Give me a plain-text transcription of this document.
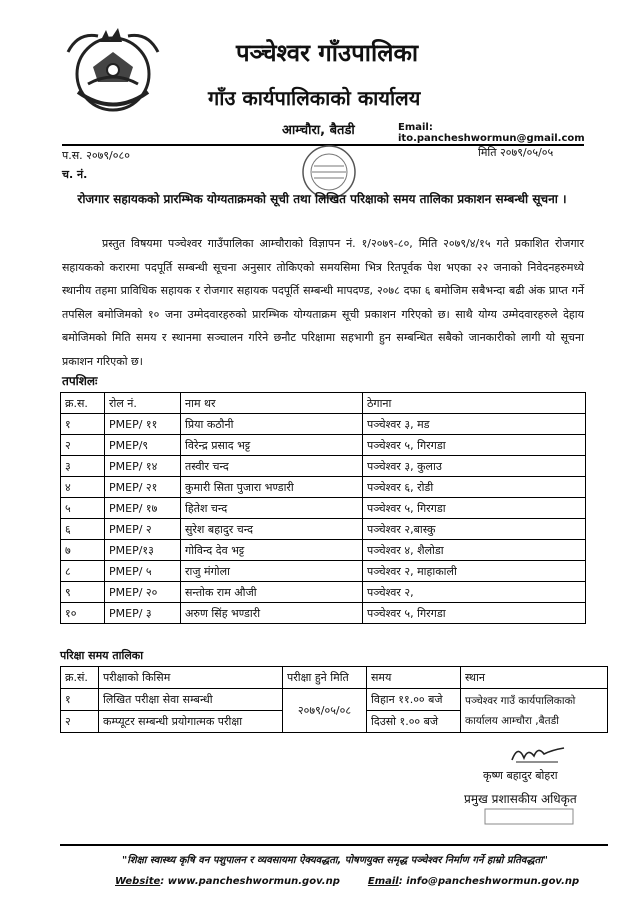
पञ्चेश्वर गाँउपालिका
गाँउ कार्यपालिकाको कार्यालय
आम्चौरा, बैतडी	Email: ito.pancheshwormun@gmail.com
प.स. २०७९/०८०
च. नं.
मिति २०७९/०५/०५
रोजगार सहायकको प्रारम्भिक योग्यताक्रमको सूची तथा लिखित परिक्षाको समय तालिका प्रकाशन सम्बन्धी सूचना ।
प्रस्तुत विषयमा पञ्चेश्वर गाउँपालिका आम्चौराको विज्ञापन नं. १/२०७९-८०, मिति २०७९/४/१५ गते प्रकाशित रोजगार सहायकको करारमा पदपूर्ति सम्बन्धी सूचना अनुसार तोकिएको समयसिमा भित्र रितपूर्वक पेश भएका २२ जनाको निवेदनहरुमध्ये स्थानीय तहमा प्राविधिक सहायक र रोजगार सहायक पदपूर्ति सम्बन्धी मापदण्ड, २०७८ दफा ६ बमोजिम सबैभन्दा बढी अंक प्राप्त गर्ने तपसिल बमोजिमको १० जना उम्मेदवारहरुको प्रारम्भिक योग्यताक्रम सूची प्रकाशन गरिएको छ। साथै योग्य उम्मेदवारहरुले देहाय बमोजिमको मिति समय र स्थानमा सञ्चालन गरिने छनौट परिक्षामा सहभागी हुन सम्बन्धित सबैको जानकारीको लागी यो सूचना प्रकाशन गरिएको छ।
तपशिलः
क्र.स.	रोल नं.	नाम थर	ठेगाना
१	PMEP/ ११	प्रिया कठौनी	पञ्चेश्वर ३, मड
२	PMEP/९	विरेन्द्र प्रसाद भट्ट	पञ्चेश्वर ५, गिरगडा
३	PMEP/ १४	तस्वीर चन्द	पञ्चेश्वर ३, कुलाउ
४	PMEP/ २१	कुमारी सिता पुजारा भण्डारी	पञ्चेश्वर ६, रोडी
५	PMEP/ १७	हितेश चन्द	पञ्चेश्वर ५, गिरगडा
६	PMEP/ २	सुरेश बहादुर चन्द	पञ्चेश्वर २,बास्कु
७	PMEP/१३	गोविन्द देव भट्ट	पञ्चेश्वर ४, शैलोडा
८	PMEP/ ५	राजु मंगोला	पञ्चेश्वर २, माहाकाली
९	PMEP/ २०	सन्तोक राम औजी	पञ्चेश्वर २,
१०	PMEP/ ३	अरुण सिंह भण्डारी	पञ्चेश्वर ५, गिरगडा
परिक्षा समय तालिका
क्र.सं.	परीक्षाको किसिम	परीक्षा हुने मिति	समय	स्थान
१	लिखित परीक्षा सेवा सम्बन्धी	२०७९/०५/०८	विहान ११.०० बजे	पञ्चेश्वर गाउँ कार्यपालिकाको कार्यालय आम्चौरा ,बैतडी
२	कम्प्यूटर सम्बन्धी प्रयोगात्मक परीक्षा		दिउसो १.०० बजे	
कृष्ण बहादुर बोहरा
प्रमुख प्रशासकीय अधिकृत
"शिक्षा स्वास्थ्य कृषि वन पशुपालन र व्यवसायमा ऐक्यवद्धता, पोषणयुक्त समृद्ध पञ्चेश्वर निर्माण गर्ने हाम्रो प्रतिवद्धता"
Website: www.pancheshwormun.gov.np	Email: info@pancheshwormun.gov.np
